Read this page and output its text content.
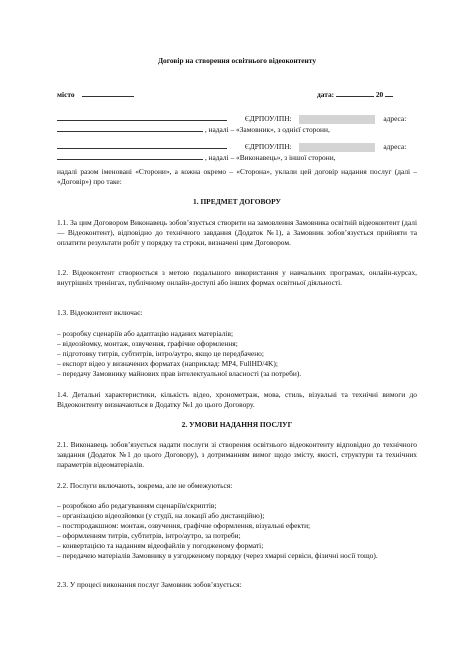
Договір на створення освітнього відеоконтенту
місто	дата:	20
ЄДРПОУ/ІПН:	адреса:
, надалі – «Замовник», з однієї сторони,
ЄДРПОУ/ІПН:	адреса:
, надалі – «Виконавець», з іншої сторони,

надалі разом іменовані «Сторони», а кожна окремо – «Сторона», уклали цей договір надання послуг (далі – «Договір») про таке:

1. ПРЕДМЕТ ДОГОВОРУ

1.1. За цим Договором Виконавець зобов’язується створити на замовлення Замовника освітній відеоконтент (далі — Відеоконтент), відповідно до технічного завдання (Додаток №1), а Замовник зобов’язується прийняти та оплатити результати робіт у порядку та строки, визначені цим Договором.

1.2. Відеоконтент створюється з метою подальшого використання у навчальних програмах, онлайн-курсах, внутрішніх тренінгах, публічному онлайн-доступі або інших формах освітньої діяльності.

1.3. Відеоконтент включає:

– розробку сценаріїв або адаптацію наданих матеріалів;

– відеозйомку, монтаж, озвучення, графічне оформлення;

– підготовку титрів, субтитрів, інтро/аутро, якщо це передбачено;

– експорт відео у визначених форматах (наприклад: MP4, FullHD/4K);

– передачу Замовнику майнових прав інтелектуальної власності (за потреби).

1.4. Детальні характеристики, кількість відео, хронометраж, мова, стиль, візуальні та технічні вимоги до Відеоконтенту визначаються в Додатку №1 до цього Договору.

2. УМОВИ НАДАННЯ ПОСЛУГ

2.1. Виконавець зобов’язується надати послуги зі створення освітнього відеоконтенту відповідно до технічного завдання (Додаток №1 до цього Договору), з дотриманням вимог щодо змісту, якості, структури та технічних параметрів відеоматеріалів.

2.2. Послуги включають, зокрема, але не обмежуються:

– розробкою або редагуванням сценаріїв/скриптів;

– організацією відеозйомки (у студії, на локації або дистанційно);

– постпродакшном: монтаж, озвучення, графічне оформлення, візуальні ефекти;

– оформленням титрів, субтитрів, інтро/аутро, за потреби;

– конвертацією та наданням відеофайлів у погодженому форматі;

– передачею матеріалів Замовнику в узгодженому порядку (через хмарні сервіси, фізичні носії тощо).

2.3. У процесі виконання послуг Замовник зобов’язується:
